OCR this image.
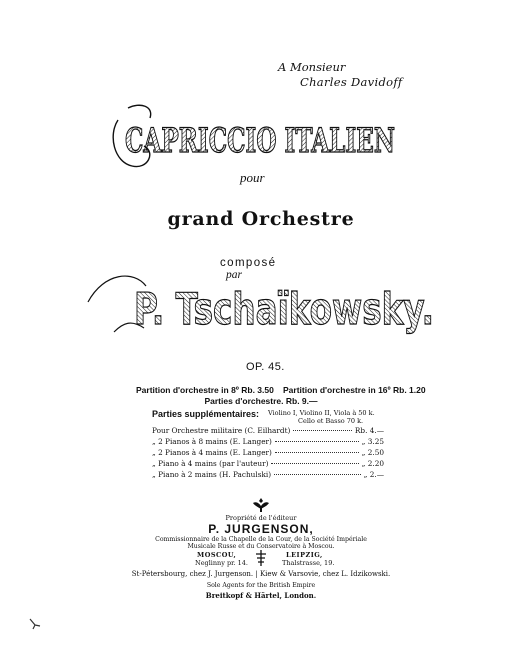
A Monsieur
Charles Davidoff
CAPRICCIO ITALIEN
pour
grand Orchestre
composé
par
P. Tschaïkowsky.
OP. 45.
Partition d'orchestre in 8º Rb. 3.50 Partition d'orchestre in 16º Rb. 1.20
Parties d'orchestre. Rb. 9.—
Parties supplémentaires: Violino I, Violino II, Viola à 50 k.
Cello et Basso 70 k.
Pour Orchestre militaire (C. Eilhardt)	Rb. 4.—
„ 2 Pianos à 8 mains (E. Langer)	„ 3.25
„ 2 Pianos à 4 mains (E. Langer)	„ 2.50
„ Piano à 4 mains (par l'auteur)	„ 2.20
„ Piano à 2 mains (H. Pachulski)	„ 2.—
Propriété de l'éditeur
P. JURGENSON,
Commissionnaire de la Chapelle de la Cour, de la Société Impériale
Musicale Russe et du Conservatoire à Moscou.
MOSCOU,
Neglinny pr. 14.
LEIPZIG,
Thalstrasse, 19.
St-Pétersbourg, chez J. Jurgenson. | Kiew & Varsovie, chez L. Idzikowski.
Sole Agents for the British Empire
Breitkopf & Härtel, London.
